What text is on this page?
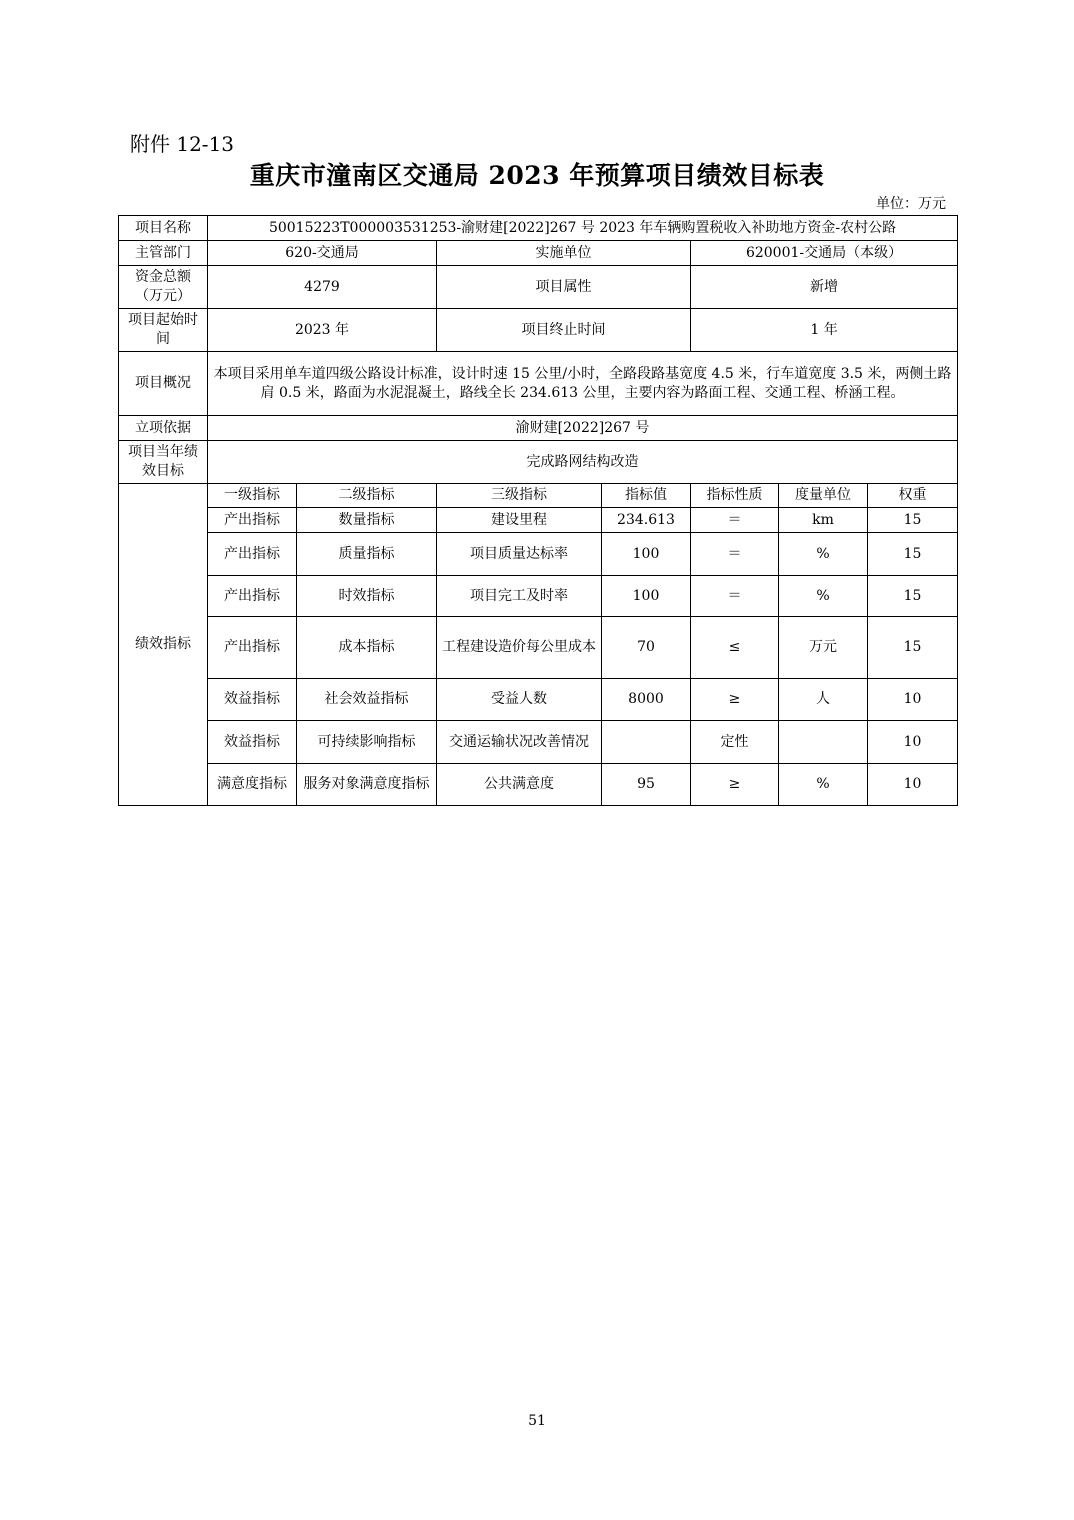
附件 12-13
重庆市潼南区交通局 2023 年预算项目绩效目标表
单位：万元
项目名称	50015223T000003531253-渝财建[2022]267 号 2023 年车辆购置税收入补助地方资金-农村公路						
主管部门	620-交通局		实施单位		620001-交通局（本级）		
资金总额（万元）	4279		项目属性		新增		
项目起始时间	2023 年		项目终止时间		1 年		
项目概况	本项目采用单车道四级公路设计标准，设计时速 15 公里/小时，全路段路基宽度 4.5 米，行车道宽度 3.5 米，两侧土路肩 0.5 米，路面为水泥混凝土，路线全长 234.613 公里，主要内容为路面工程、交通工程、桥涵工程。						
立项依据	渝财建[2022]267 号						
项目当年绩效目标	完成路网结构改造						
绩效指标	一级指标	二级指标	三级指标	指标值	指标性质	度量单位	权重
	产出指标	数量指标	建设里程	234.613	＝	km	15
	产出指标	质量指标	项目质量达标率	100	＝	%	15
	产出指标	时效指标	项目完工及时率	100	＝	%	15
	产出指标	成本指标	工程建设造价每公里成本	70	≤	万元	15
	效益指标	社会效益指标	受益人数	8000	≥	人	10
	效益指标	可持续影响指标	交通运输状况改善情况		定性		10
	满意度指标	服务对象满意度指标	公共满意度	95	≥	%	10
51
